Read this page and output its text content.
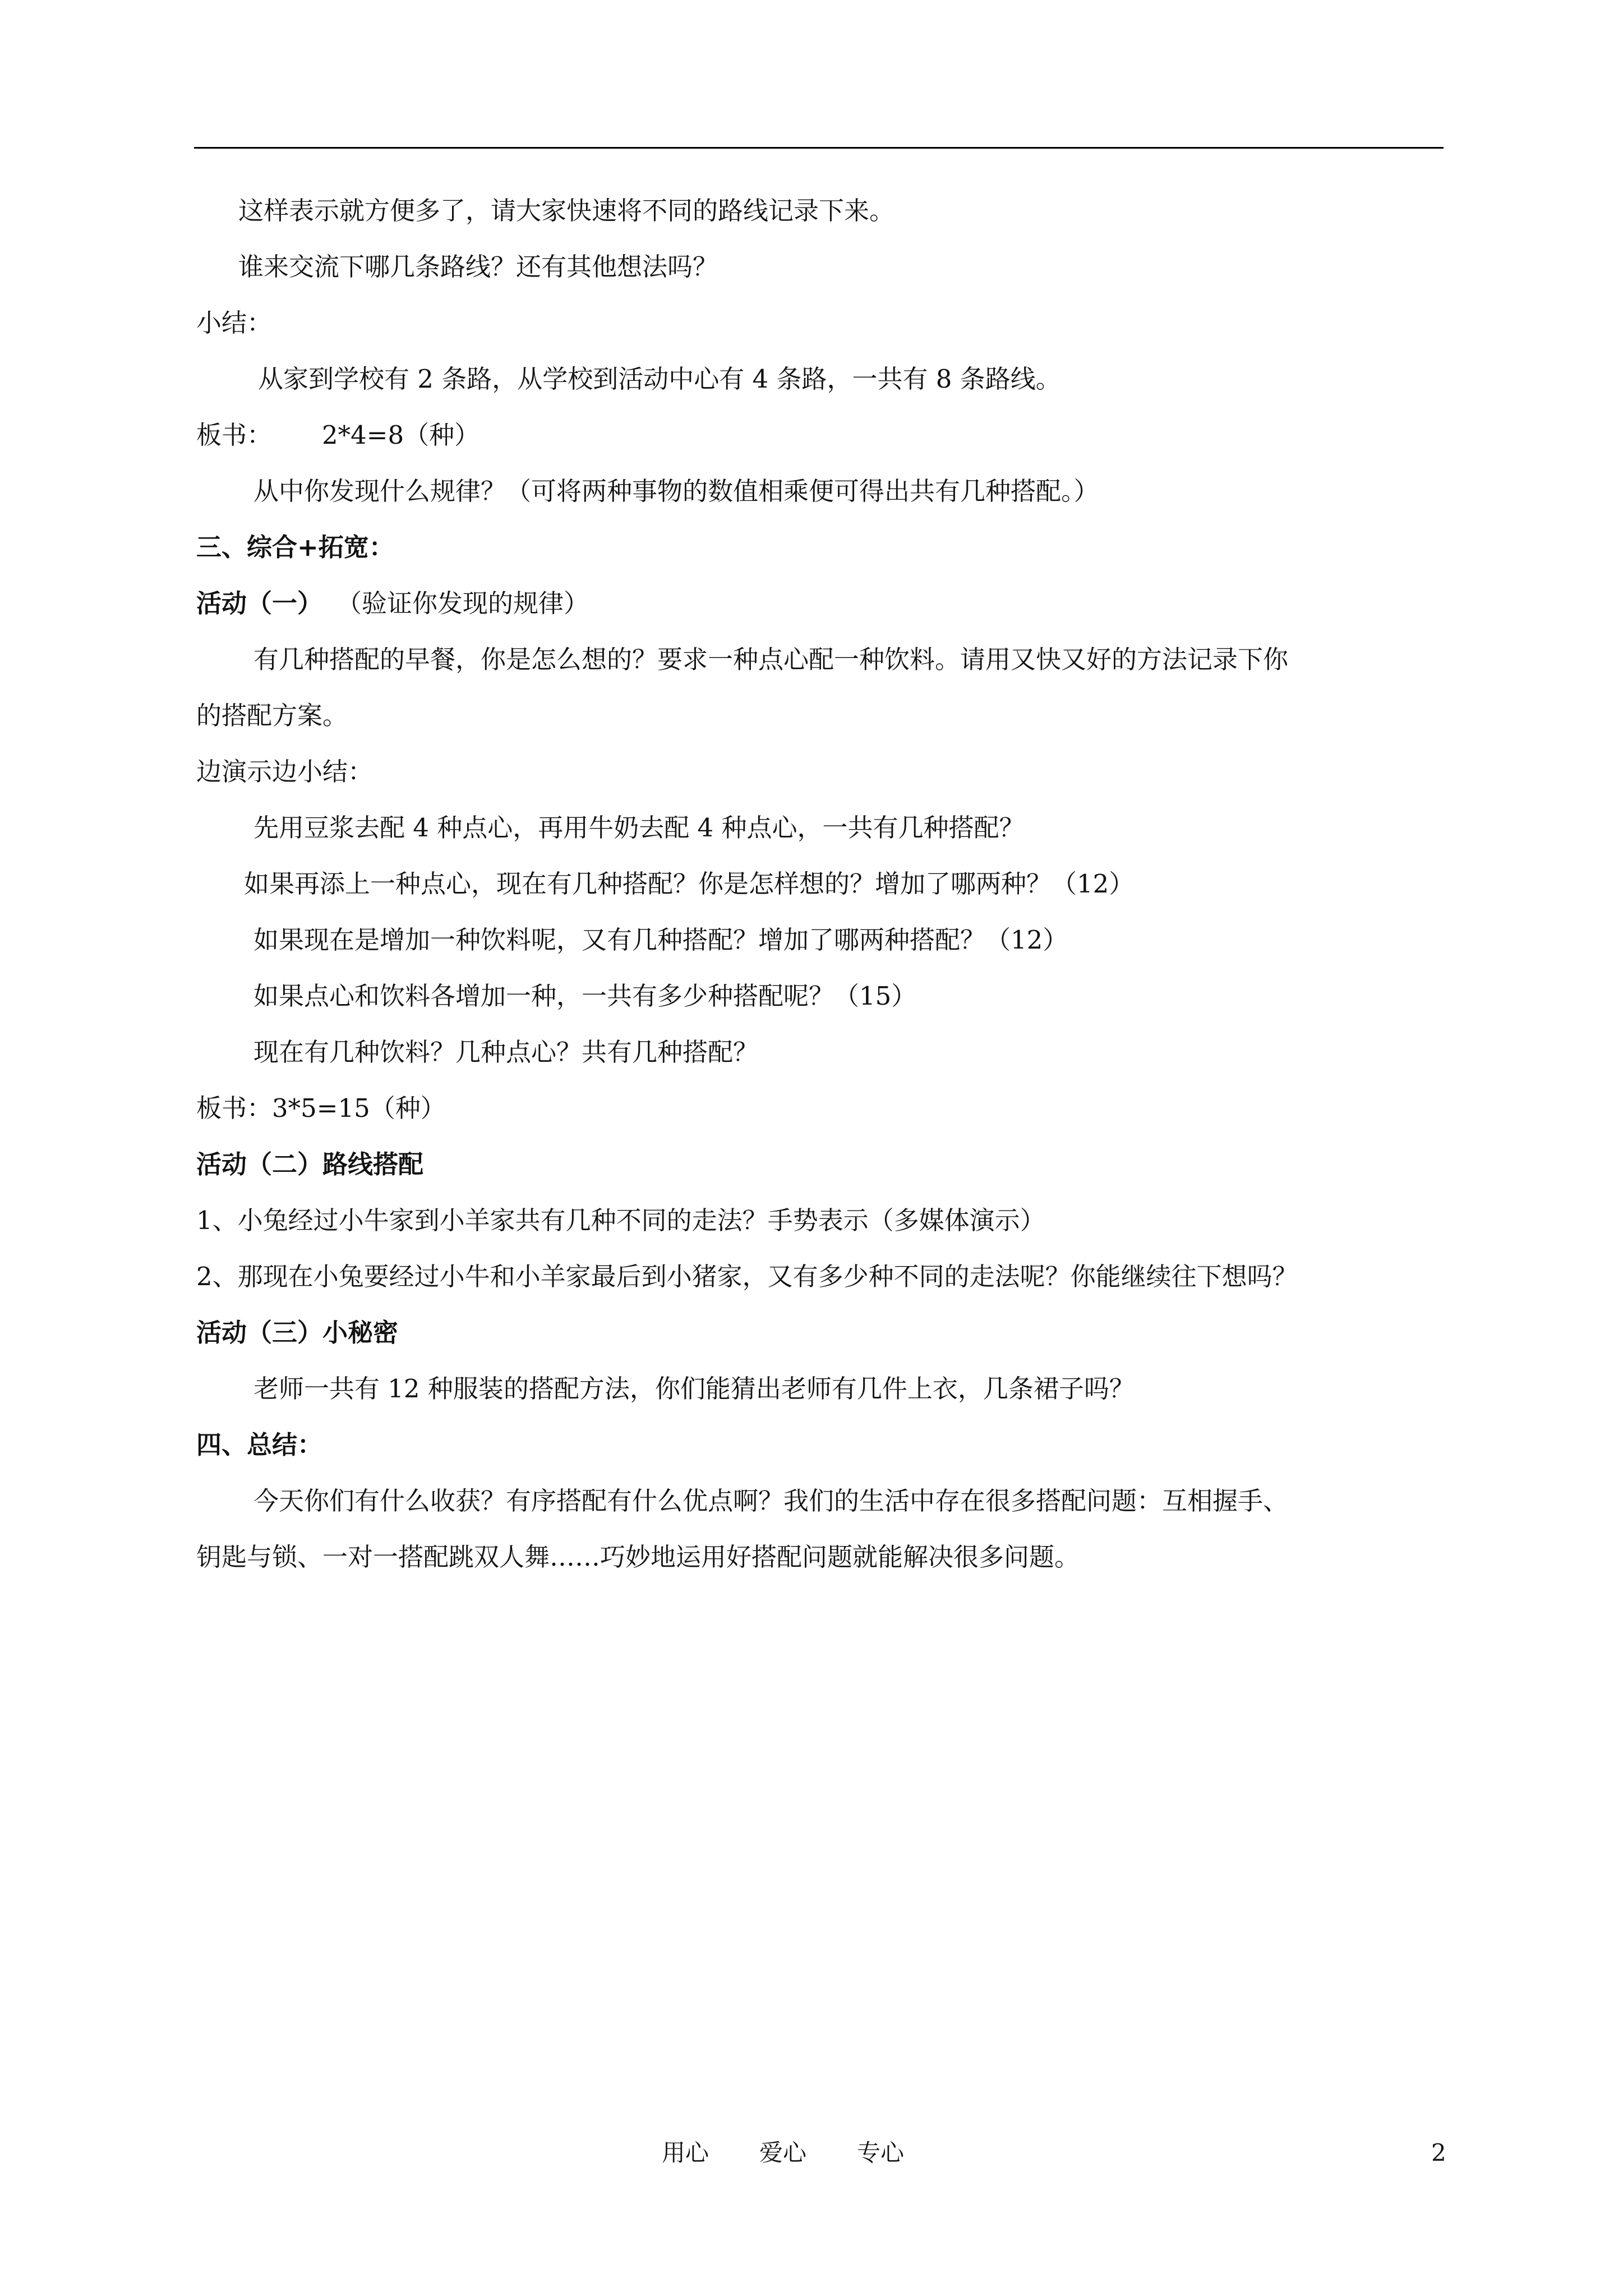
这样表示就方便多了，请大家快速将不同的路线记录下来。
谁来交流下哪几条路线？还有其他想法吗？
小结：
从家到学校有 2 条路，从学校到活动中心有 4 条路，一共有 8 条路线。
板书： 2*4=8（种）
从中你发现什么规律？（可将两种事物的数值相乘便可得出共有几种搭配。）
三、综合+拓宽：
活动（一） （验证你发现的规律）
有几种搭配的早餐，你是怎么想的？要求一种点心配一种饮料。请用又快又好的方法记录下你
的搭配方案。
边演示边小结：
先用豆浆去配 4 种点心，再用牛奶去配 4 种点心，一共有几种搭配？
如果再添上一种点心，现在有几种搭配？你是怎样想的？增加了哪两种？（12）
如果现在是增加一种饮料呢，又有几种搭配？增加了哪两种搭配？（12）
如果点心和饮料各增加一种，一共有多少种搭配呢？（15）
现在有几种饮料？几种点心？共有几种搭配？
板书：3*5=15（种）
活动（二）路线搭配
1、小兔经过小牛家到小羊家共有几种不同的走法？手势表示（多媒体演示）
2、那现在小兔要经过小牛和小羊家最后到小猪家，又有多少种不同的走法呢？你能继续往下想吗？
活动（三）小秘密
老师一共有 12 种服装的搭配方法，你们能猜出老师有几件上衣，几条裙子吗？
四、总结：
今天你们有什么收获？有序搭配有什么优点啊？我们的生活中存在很多搭配问题：互相握手、
钥匙与锁、一对一搭配跳双人舞……巧妙地运用好搭配问题就能解决很多问题。
用心 爱心 专心	2
